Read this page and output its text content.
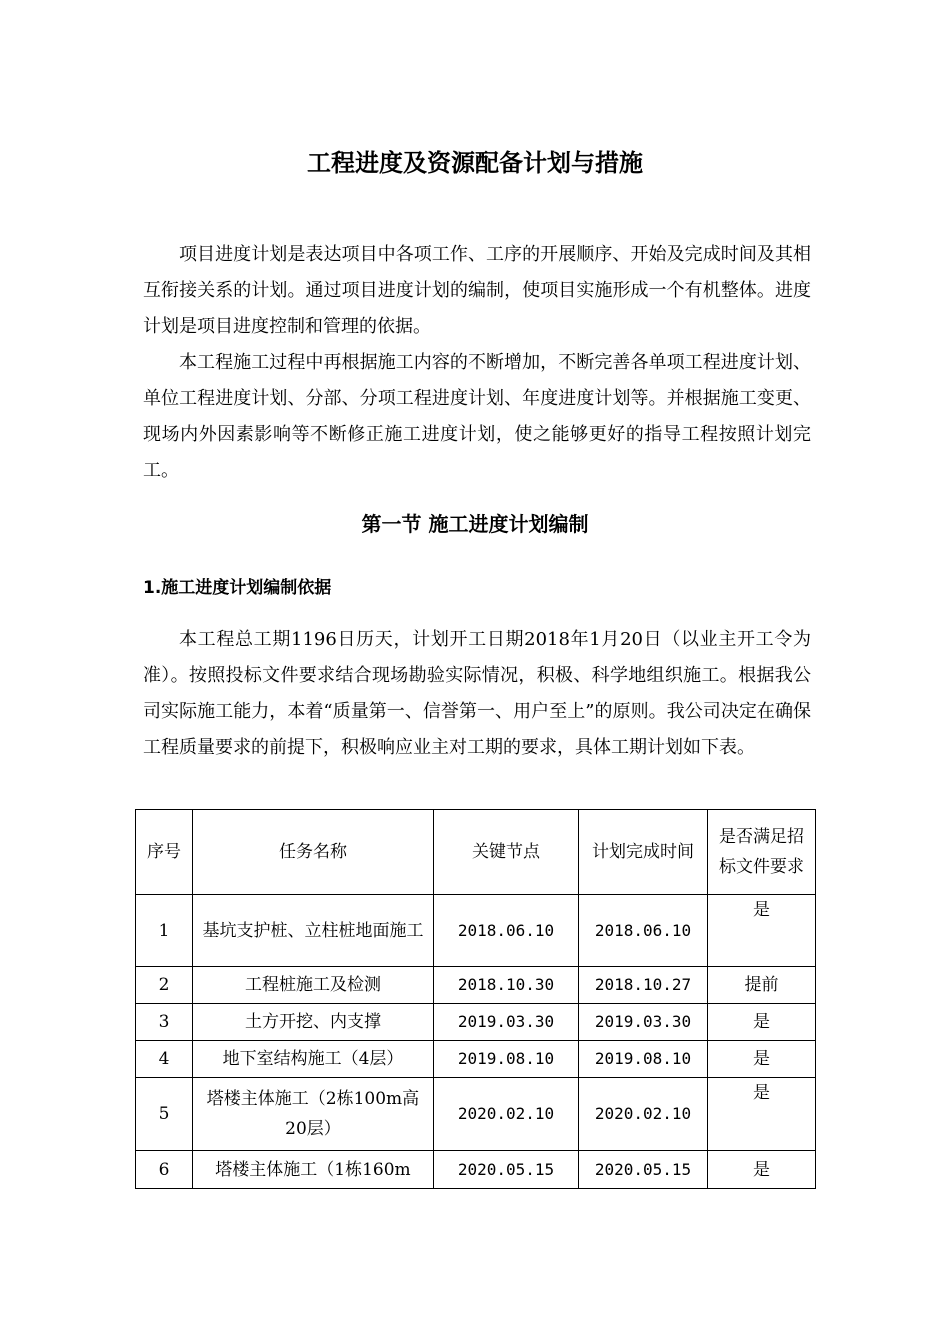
工程进度及资源配备计划与措施

项目进度计划是表达项目中各项工作、工序的开展顺序、开始及完成时间及其相互衔接关系的计划。通过项目进度计划的编制，使项目实施形成一个有机整体。进度计划是项目进度控制和管理的依据。

本工程施工过程中再根据施工内容的不断增加，不断完善各单项工程进度计划、单位工程进度计划、分部、分项工程进度计划、年度进度计划等。并根据施工变更、现场内外因素影响等不断修正施工进度计划，使之能够更好的指导工程按照计划完工。

第一节 施工进度计划编制
1.施工进度计划编制依据

本工程总工期1196日历天，计划开工日期2018年1月20日（以业主开工令为准）。按照投标文件要求结合现场勘验实际情况，积极、科学地组织施工。根据我公司实际施工能力，本着“质量第一、信誉第一、用户至上”的原则。我公司决定在确保工程质量要求的前提下，积极响应业主对工期的要求，具体工期计划如下表。

序号	任务名称	关键节点	计划完成时间	是否满足招标文件要求
1	基坑支护桩、立柱桩地面施工	2018.06.10	2018.06.10	是
2	工程桩施工及检测	2018.10.30	2018.10.27	提前
3	土方开挖、内支撑	2019.03.30	2019.03.30	是
4	地下室结构施工（4层）	2019.08.10	2019.08.10	是
5	塔楼主体施工（2栋100m高20层）	2020.02.10	2020.02.10	是
6	塔楼主体施工（1栋160m	2020.05.15	2020.05.15	是
